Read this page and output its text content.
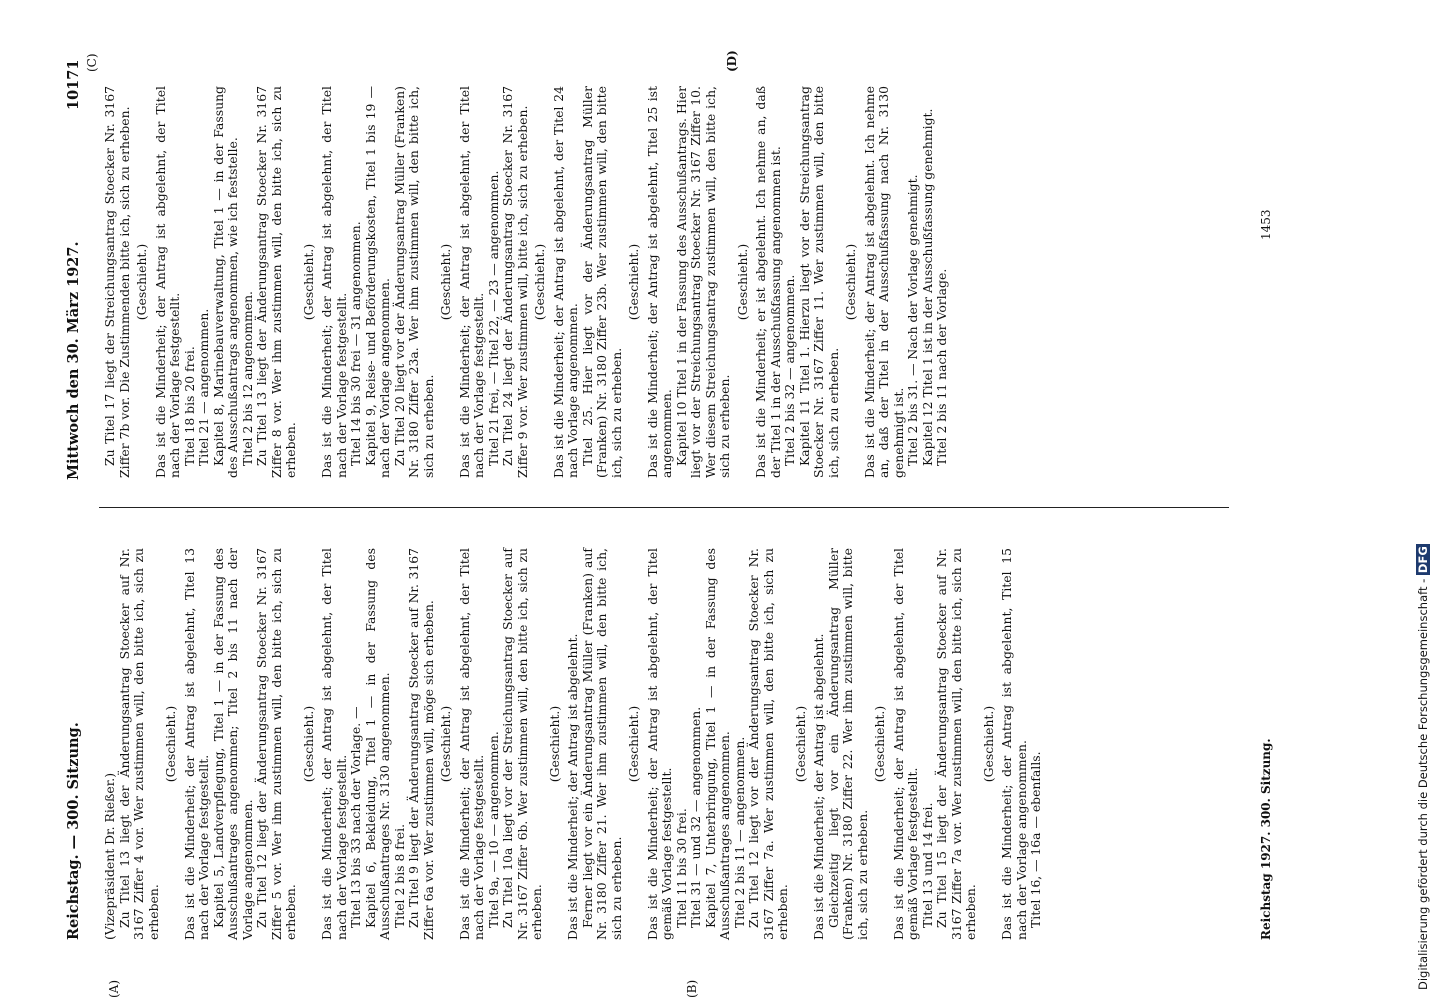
Reichstag. — 300. Sitzung.
Mittwoch den 30. März 1927.
10171
(A)	(B)
(C)	(D)

(Vizepräsident Dr. Rießer.) Zu Titel 13 liegt der Änderungsantrag Stoecker auf Nr. 3167 Ziffer 4 vor. Wer zustimmen will, den bitte ich, sich zu erheben.

(Geschieht.) Das ist die Minderheit; der Antrag ist abgelehnt, Titel 13 nach der Vorlage festgestellt. Kapitel 5, Landverpflegung, Titel 1 — in der Fassung des Ausschußantrages angenommen; Titel 2 bis 11 nach der Vorlage angenommen. Zu Titel 12 liegt der Änderungsantrag Stoecker Nr. 3167 Ziffer 5 vor. Wer ihm zustimmen will, den bitte ich, sich zu erheben.

(Geschieht.) Das ist die Minderheit; der Antrag ist abgelehnt, der Titel nach der Vorlage festgestellt. Titel 13 bis 33 nach der Vorlage. — Kapitel 6, Bekleidung, Titel 1 — in der Fassung des Ausschußantrages Nr. 3130 angenommen. Titel 2 bis 8 frei. Zu Titel 9 liegt der Änderungsantrag Stoecker auf Nr. 3167 Ziffer 6a vor. Wer zustimmen will, möge sich erheben. (Geschieht.) Das ist die Minderheit; der Antrag ist abgelehnt, der Titel nach der Vorlage festgestellt. Titel 9a, — 10 — angenommen. Zu Titel 10a liegt vor der Streichungsantrag Stoecker auf Nr. 3167 Ziffer 6b. Wer zustimmen will, den bitte ich, sich zu erheben.

(Geschieht.) Das ist die Minderheit; der Antrag ist abgelehnt. Ferner liegt vor ein Änderungsantrag Müller (Franken) auf Nr. 3180 Ziffer 21. Wer ihm zustimmen will, den bitte ich, sich zu erheben.

(Geschieht.) Das ist die Minderheit; der Antrag ist abgelehnt, der Titel gemäß Vorlage festgestellt. Titel 11 bis 30 frei. Titel 31 — und 32 — angenommen. Kapitel 7, Unterbringung, Titel 1 — in der Fassung des Ausschußantrages angenommen. Titel 2 bis 11 — angenommen. Zu Titel 12 liegt vor der Änderungsantrag Stoecker Nr. 3167 Ziffer 7a. Wer zustimmen will, den bitte ich, sich zu erheben.

(Geschieht.) Das ist die Minderheit; der Antrag ist abgelehnt. Gleichzeitig liegt vor ein Änderungsantrag Müller (Franken) Nr. 3180 Ziffer 22. Wer ihm zustimmen will, bitte ich, sich zu erheben.

(Geschieht.) Das ist die Minderheit; der Antrag ist abgelehnt, der Titel gemäß Vorlage festgestellt. Titel 13 und 14 frei. Zu Titel 15 liegt der Änderungsantrag Stoecker auf Nr. 3167 Ziffer 7a vor. Wer zustimmen will, den bitte ich, sich zu erheben.

(Geschieht.) Das ist die Minderheit; der Antrag ist abgelehnt, Titel 15 nach der Vorlage angenommen. Titel 16, — 16a — ebenfalls.

Zu Titel 17 liegt der Streichungsantrag Stoecker Nr. 3167 Ziffer 7b vor. Die Zustimmenden bitte ich, sich zu erheben. (Geschieht.) Das ist die Minderheit; der Antrag ist abgelehnt, der Titel nach der Vorlage festgestellt. Titel 18 bis 20 frei. Titel 21 — angenommen. Kapitel 8, Marinebauverwaltung, Titel 1 — in der Fassung des Ausschußantrags angenommen, wie ich feststelle. Titel 2 bis 12 angenommen. Zu Titel 13 liegt der Änderungsantrag Stoecker Nr. 3167 Ziffer 8 vor. Wer ihm zustimmen will, den bitte ich, sich zu erheben.

(Geschieht.) Das ist die Minderheit; der Antrag ist abgelehnt, der Titel nach der Vorlage festgestellt. Titel 14 bis 30 frei — 31 angenommen. Kapitel 9, Reise- und Beförderungskosten, Titel 1 bis 19 — nach der Vorlage angenommen. Zu Titel 20 liegt vor der Änderungsantrag Müller (Franken) Nr. 3180 Ziffer 23a. Wer ihm zustimmen will, den bitte ich, sich zu erheben.

(Geschieht.) Das ist die Minderheit; der Antrag ist abgelehnt, der Titel nach der Vorlage festgestellt. Titel 21 frei, — Titel 22, — 23 — angenommen. Zu Titel 24 liegt der Änderungsantrag Stoecker Nr. 3167 Ziffer 9 vor. Wer zustimmen will, bitte ich, sich zu erheben. (Geschieht.) Das ist die Minderheit; der Antrag ist abgelehnt, der Titel 24 nach Vorlage angenommen. Titel 25. Hier liegt vor der Änderungsantrag Müller (Franken) Nr. 3180 Ziffer 23b. Wer zustimmen will, den bitte ich, sich zu erheben.

(Geschieht.) Das ist die Minderheit; der Antrag ist abgelehnt, Titel 25 ist angenommen. Kapitel 10 Titel 1 in der Fassung des Ausschußantrags. Hier liegt vor der Streichungsantrag Stoecker Nr. 3167 Ziffer 10. Wer diesem Streichungsantrag zustimmen will, den bitte ich, sich zu erheben.

(Geschieht.) Das ist die Minderheit; er ist abgelehnt. Ich nehme an, daß der Titel 1 in der Ausschußfassung angenommen ist. Titel 2 bis 32 — angenommen. Kapitel 11 Titel 1. Hierzu liegt vor der Streichungsantrag Stoecker Nr. 3167 Ziffer 11. Wer zustimmen will, den bitte ich, sich zu erheben.

(Geschieht.) Das ist die Minderheit; der Antrag ist abgelehnt. Ich nehme an, daß der Titel in der Ausschußfassung nach Nr. 3130 genehmigt ist. Titel 2 bis 31. — Nach der Vorlage genehmigt. Kapitel 12 Titel 1 ist in der Ausschußfassung genehmigt. Titel 2 bis 11 nach der Vorlage.

Reichstag 1927. 300. Sitzung.
1453
Digitalisierung gefördert durch die Deutsche Forschungsgemeinschaft - DFG
